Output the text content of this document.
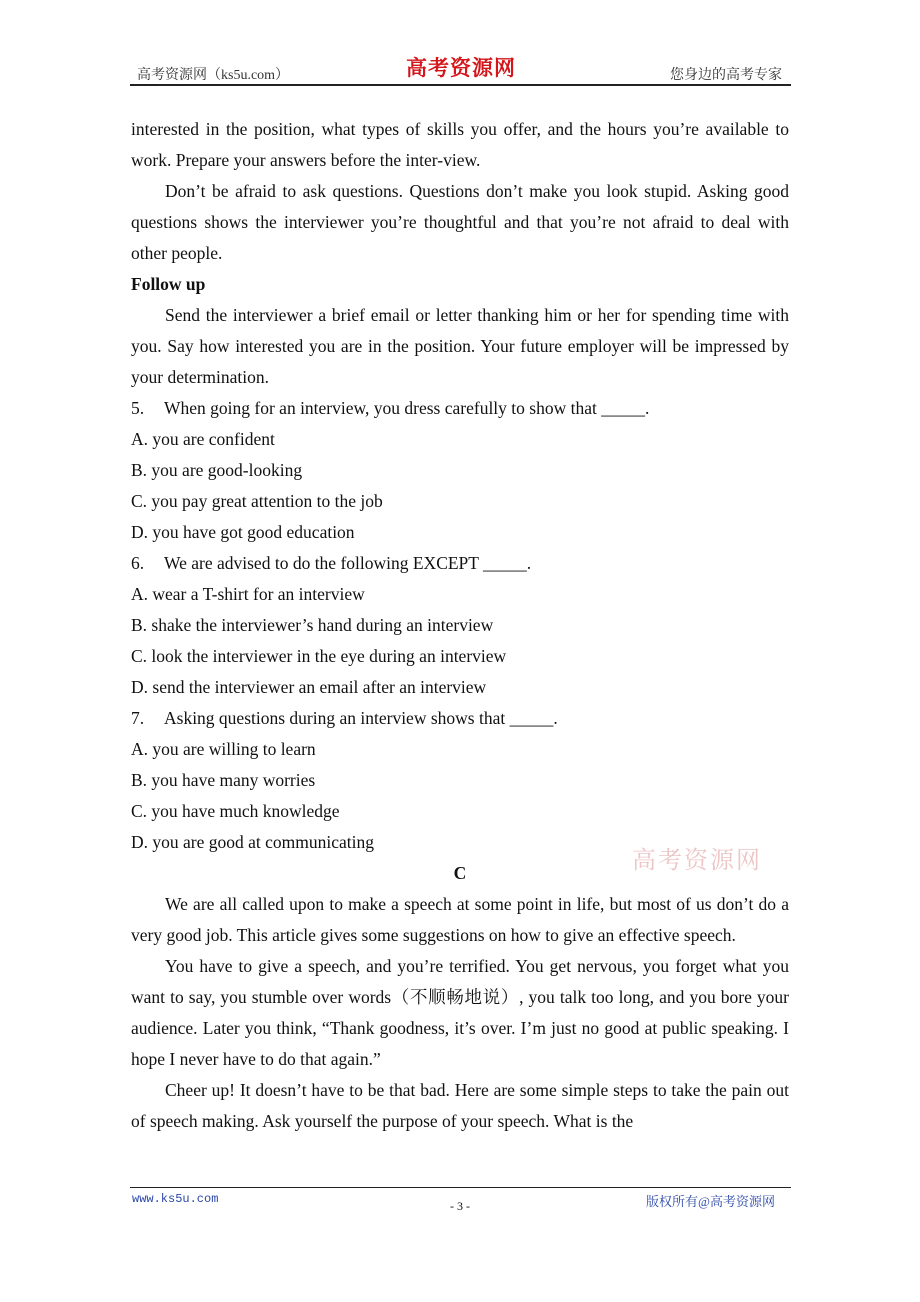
高考资源网（ks5u.com）	高考资源网	您身边的高考专家

interested in the position, what types of skills you offer, and the hours you’re available to work. Prepare your answers before the inter-view.

Don’t be afraid to ask questions. Questions don’t make you look stupid. Asking good questions shows the interviewer you’re thoughtful and that you’re not afraid to deal with other people.

Follow up

Send the interviewer a brief email or letter thanking him or her for spending time with you. Say how interested you are in the position. Your future employer will be impressed by your determination.

5. When going for an interview, you dress carefully to show that _____.

A. you are confident

B. you are good-looking

C. you pay great attention to the job

D. you have got good education

6. We are advised to do the following EXCEPT _____.

A. wear a T-shirt for an interview

B. shake the interviewer’s hand during an interview

C. look the interviewer in the eye during an interview

D. send the interviewer an email after an interview

7. Asking questions during an interview shows that _____.

A. you are willing to learn

B. you have many worries

C. you have much knowledge

D. you are good at communicating

C

We are all called upon to make a speech at some point in life, but most of us don’t do a very good job. This article gives some suggestions on how to give an effective speech.

You have to give a speech, and you’re terrified. You get nervous, you forget what you want to say, you stumble over words（不顺畅地说）, you talk too long, and you bore your audience. Later you think, “Thank goodness, it’s over. I’m just no good at public speaking. I hope I never have to do that again.”

Cheer up! It doesn’t have to be that bad. Here are some simple steps to take the pain out of speech making. Ask yourself the purpose of your speech. What is the

高考资源网
www.ks5u.com	- 3 -	版权所有@高考资源网
